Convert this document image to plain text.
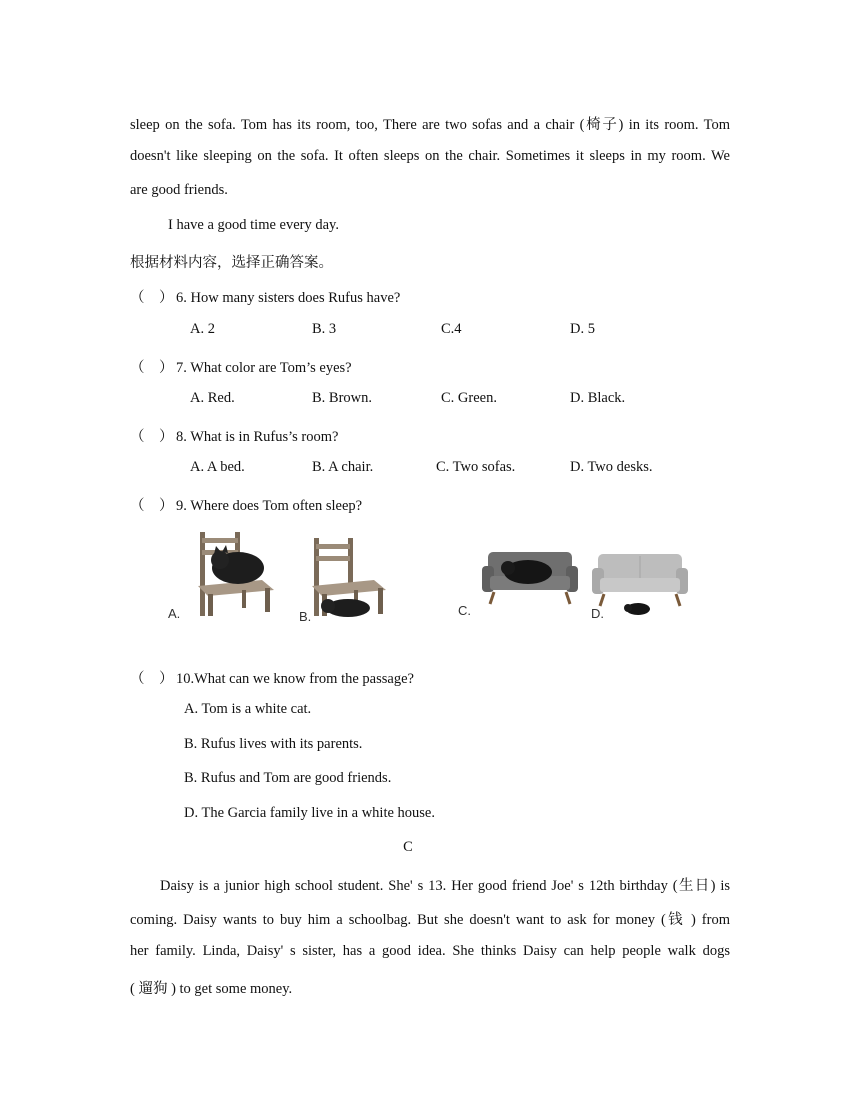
sleep on the sofa. Tom has its room, too, There are two sofas and a chair (椅子) in its room. Tom
doesn't like sleeping on the sofa. It often sleeps on the chair. Sometimes it sleeps in my room. We
are good friends.
I have a good time every day.
根据材料内容，选择正确答案。
（　） 6. How many sisters does Rufus have?
A. 2	B. 3	C.4	D. 5
（　） 7. What color are Tom’s eyes?
A. Red.	B. Brown.	C. Green.	D. Black.
（　） 8. What is in Rufus’s room?
A. A bed.	B. A chair.	C. Two sofas.	D. Two desks.
（　） 9. Where does Tom often sleep?
A.	B.	C.	D.
（　） 10.What can we know from the passage?
A. Tom is a white cat.
B. Rufus lives with its parents.
B. Rufus and Tom are good friends.
D. The Garcia family live in a white house.
C
Daisy is a junior high school student. She' s 13. Her good friend Joe' s 12th birthday (生日) is
coming. Daisy wants to buy him a schoolbag. But she doesn't want to ask for money (钱 ) from
her family. Linda, Daisy' s sister, has a good idea. She thinks Daisy can help people walk dogs
( 遛狗 ) to get some money.
